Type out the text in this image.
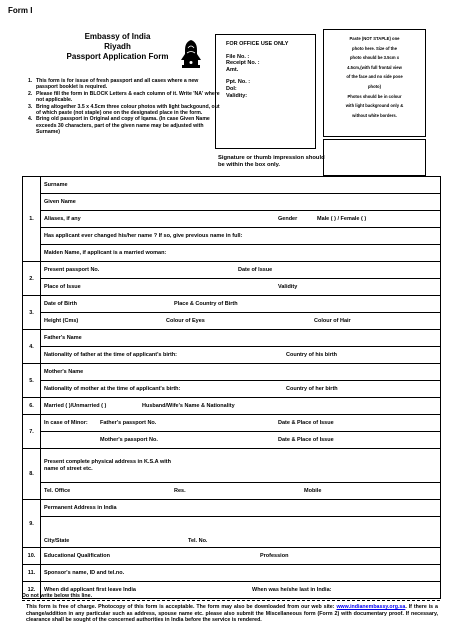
Form I
Embassy of India
Riyadh
Passport Application Form
1. This form is for issue of fresh passport and all cases where a new passport booklet is required.
2. Please fill the form in BLOCK Letters & each column of it. Write 'NA' where not applicable.
3. Bring altogether 3.5 x 4.5cm three colour photos with light backgound, out of which paste (not staple) one on the designated place in the form.
4. Bring old passport in Original and copy of Iqama. (In case Given Name exceeds 30 characters, part of the given name may be adjusted with Surname)
FOR OFFICE USE ONLY
File No. :
Receipt No. :
Amt.
Ppt. No. :
DoI:
Validity:
Paste (NOT STAPLE) one
photo here. Size of the
photo should be 3.5cm x
4.5cm,(with full frontal view
of the face and no side pose
photo)
Photos should be in colour
with light background only &
without white borders.
Signature or thumb impression should be within the box only.
1.	Surname
	Given Name

	Aliases, if any Gender Male ( ) / Female ( )

	Has applicant ever changed his/her name ? If so, give previous name in full:
	Maiden Name, if applicant is a married woman:
2.	Present passport No. Date of Issue

	Place of Issue Validity

3.	Date of Birth Place & Country of Birth

	Height (Cms) Colour of Eyes Colour of Hair

4.	Father's Name

	Nationality of father at the time of applicant's birth: Country of his birth

5.	Mother's Name

	Nationality of mother at the time of applicant's birth: Country of her birth

6.	Married ( )/Unmarried ( ) Husband/Wife's Name & Nationality

7.	In case of Minor: Father's passport No. Date & Place of Issue

	Mother's passport No. Date & Place of Issue

8.	Present complete physical address in K.S.A with name of street etc.

	Tel. Office Res. Mobile

9.	Permanent Address in India

	City/State Tel. No.

10.	Educational Qualification Profession

11.	Sponsor's name, ID and tel.no.
12.	When did applicant first leave India When was he/she last in India:
Do not write below this line.
This form is free of charge. Photocopy of this form is acceptable. The form may also be downloaded from our web site: www.indianembassy.org.sa. If there is a change/addition in any particular such as address, spouse name etc. please also submit the Miscellaneous form (Form 2) with documentary proof. If necessary, clearance shall be sought of the concerned authorities in India before the service is rendered.
